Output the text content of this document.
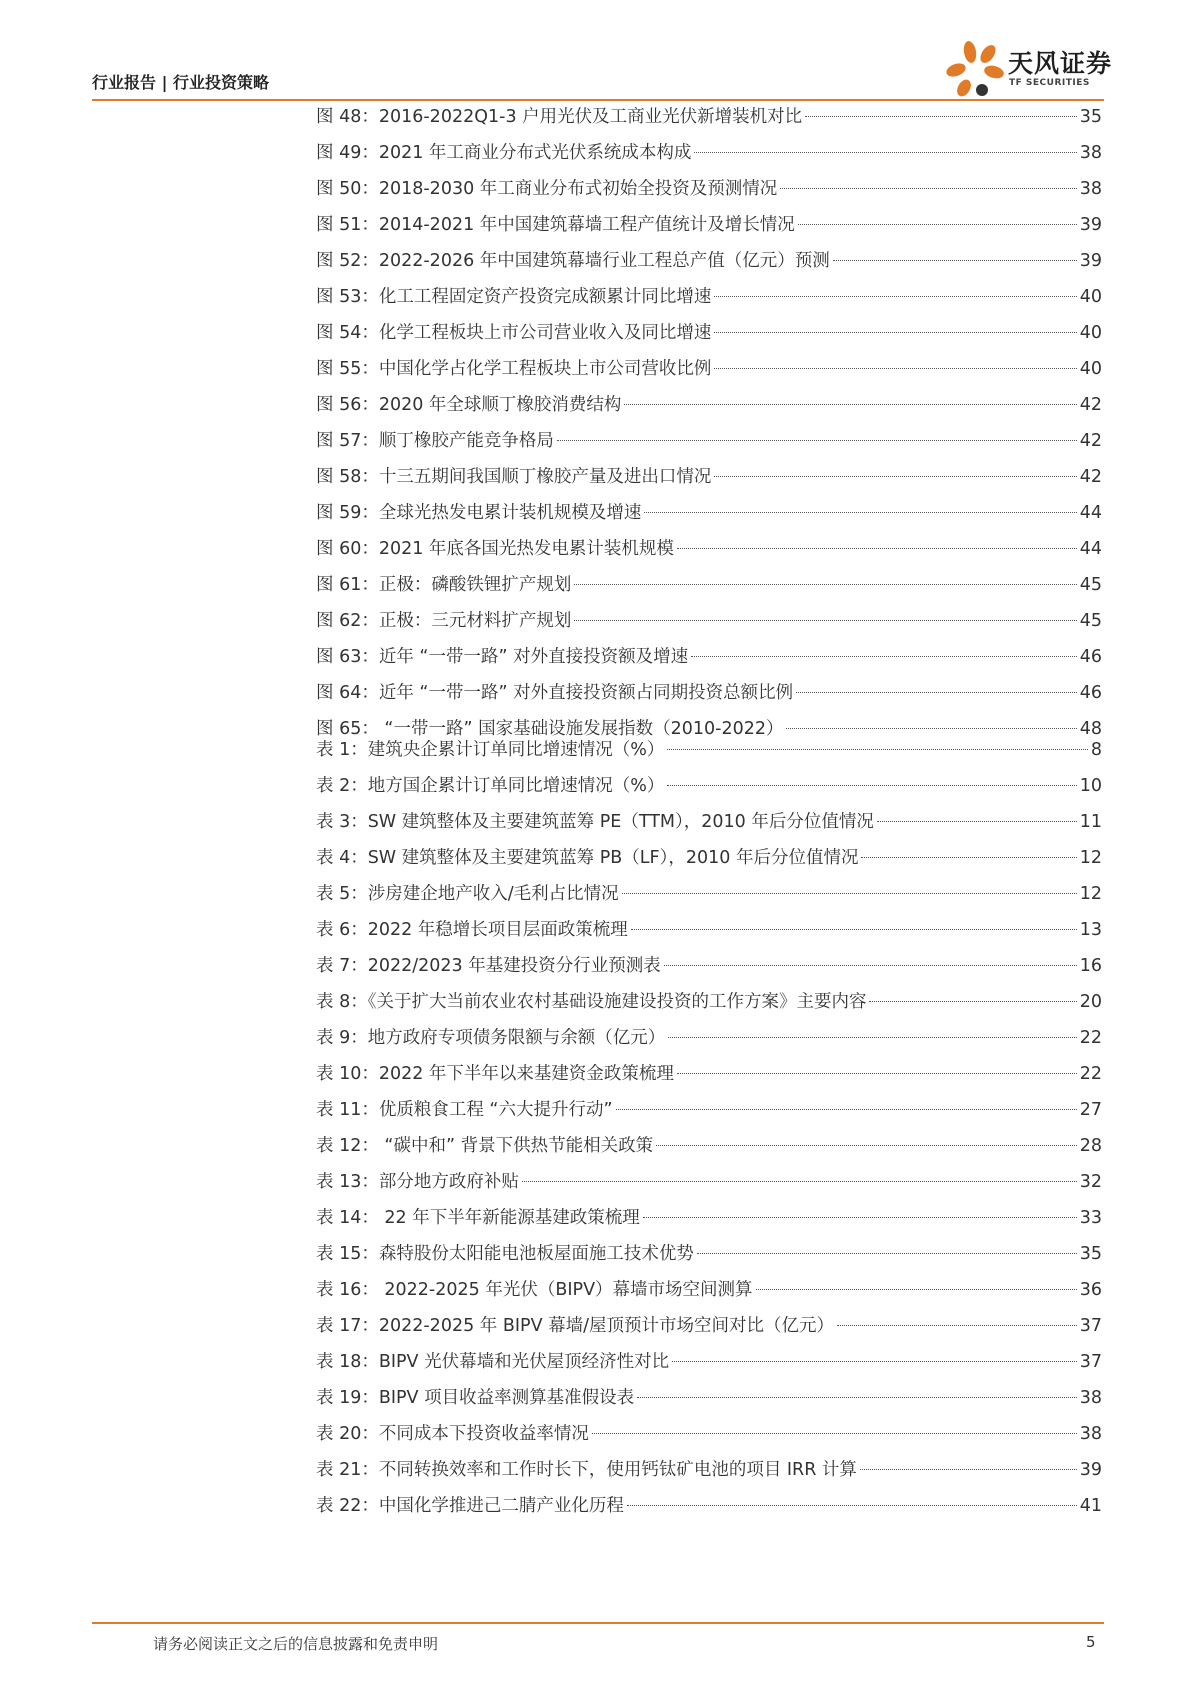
行业报告 | 行业投资策略
天风证券
TF SECURITIES
图 48：2016-2022Q1-3 户用光伏及工商业光伏新增装机对比	35
图 49：2021 年工商业分布式光伏系统成本构成	38
图 50：2018-2030 年工商业分布式初始全投资及预测情况	38
图 51：2014-2021 年中国建筑幕墙工程产值统计及增长情况	39
图 52：2022-2026 年中国建筑幕墙行业工程总产值（亿元）预测	39
图 53：化工工程固定资产投资完成额累计同比增速	40
图 54：化学工程板块上市公司营业收入及同比增速	40
图 55：中国化学占化学工程板块上市公司营收比例	40
图 56：2020 年全球顺丁橡胶消费结构	42
图 57：顺丁橡胶产能竞争格局	42
图 58：十三五期间我国顺丁橡胶产量及进出口情况	42
图 59：全球光热发电累计装机规模及增速	44
图 60：2021 年底各国光热发电累计装机规模	44
图 61：正极：磷酸铁锂扩产规划	45
图 62：正极：三元材料扩产规划	45
图 63：近年 “一带一路” 对外直接投资额及增速	46
图 64：近年 “一带一路” 对外直接投资额占同期投资总额比例	46
图 65： “一带一路” 国家基础设施发展指数（2010-2022）	48
表 1：建筑央企累计订单同比增速情况（%）	8
表 2：地方国企累计订单同比增速情况（%）	10
表 3：SW 建筑整体及主要建筑蓝筹 PE（TTM），2010 年后分位值情况	11
表 4：SW 建筑整体及主要建筑蓝筹 PB（LF），2010 年后分位值情况	12
表 5：涉房建企地产收入/毛利占比情况	12
表 6：2022 年稳增长项目层面政策梳理	13
表 7：2022/2023 年基建投资分行业预测表	16
表 8：《关于扩大当前农业农村基础设施建设投资的工作方案》主要内容	20
表 9：地方政府专项债务限额与余额（亿元）	22
表 10：2022 年下半年以来基建资金政策梳理	22
表 11：优质粮食工程 “六大提升行动”	27
表 12： “碳中和” 背景下供热节能相关政策	28
表 13：部分地方政府补贴	32
表 14： 22 年下半年新能源基建政策梳理	33
表 15：森特股份太阳能电池板屋面施工技术优势	35
表 16： 2022-2025 年光伏（BIPV）幕墙市场空间测算	36
表 17：2022-2025 年 BIPV 幕墙/屋顶预计市场空间对比（亿元）	37
表 18：BIPV 光伏幕墙和光伏屋顶经济性对比	37
表 19：BIPV 项目收益率测算基准假设表	38
表 20：不同成本下投资收益率情况	38
表 21：不同转换效率和工作时长下，使用钙钛矿电池的项目 IRR 计算	39
表 22：中国化学推进己二腈产业化历程	41
请务必阅读正文之后的信息披露和免责申明	5
